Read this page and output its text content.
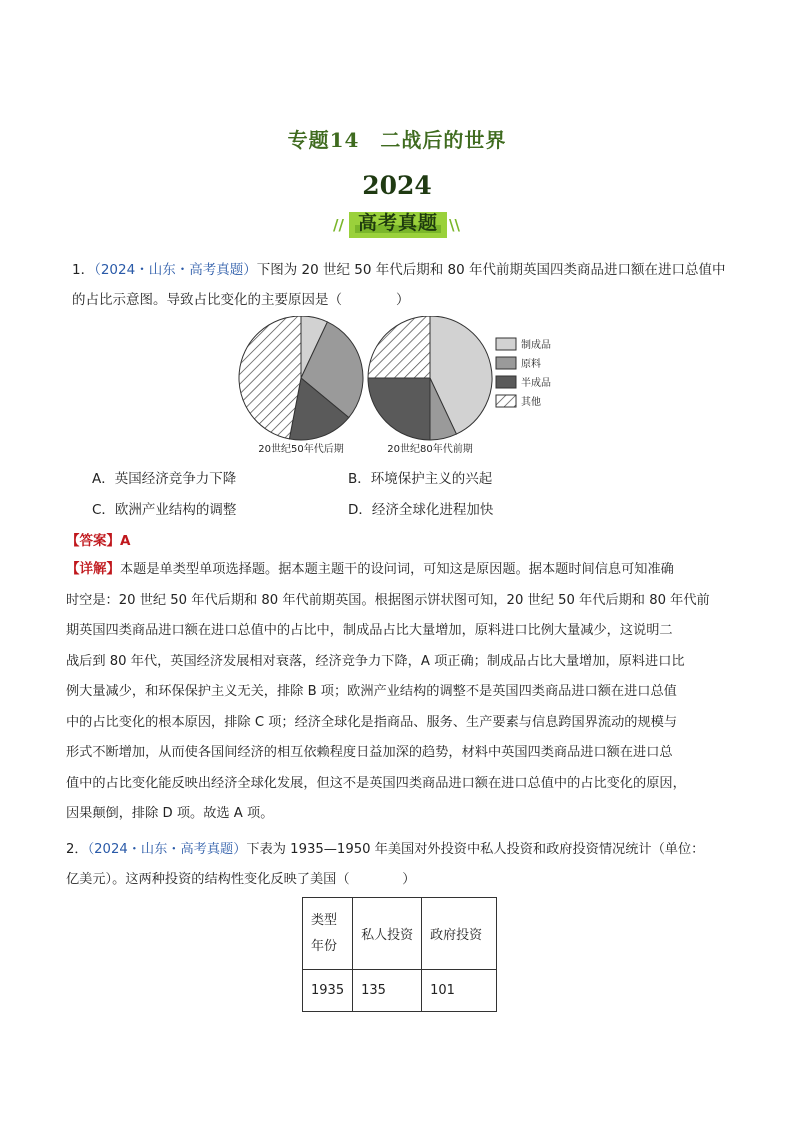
专题14　二战后的世界
2024
// 高考真题 \\
1．（2024・山东・高考真题）下图为 20 世纪 50 年代后期和 80 年代前期英国四类商品进口额在进口总值中
的占比示意图。导致占比变化的主要原因是（　　　　）
制成品
原料
半成品
其他
20世纪50年代后期	20世纪80年代前期
A．英国经济竞争力下降	B．环境保护主义的兴起
C．欧洲产业结构的调整	D．经济全球化进程加快
【答案】A
【详解】本题是单类型单项选择题。据本题主题干的设问词，可知这是原因题。据本题时间信息可知准确
时空是：20 世纪 50 年代后期和 80 年代前期英国。根据图示饼状图可知，20 世纪 50 年代后期和 80 年代前
期英国四类商品进口额在进口总值中的占比中，制成品占比大量增加，原料进口比例大量减少，这说明二
战后到 80 年代，英国经济发展相对衰落，经济竞争力下降，A 项正确；制成品占比大量增加，原料进口比
例大量减少，和环保保护主义无关，排除 B 项；欧洲产业结构的调整不是英国四类商品进口额在进口总值
中的占比变化的根本原因，排除 C 项；经济全球化是指商品、服务、生产要素与信息跨国界流动的规模与
形式不断增加，从而使各国间经济的相互依赖程度日益加深的趋势，材料中英国四类商品进口额在进口总
值中的占比变化能反映出经济全球化发展，但这不是英国四类商品进口额在进口总值中的占比变化的原因，
因果颠倒，排除 D 项。故选 A 项。
2．（2024・山东・高考真题）下表为 1935—1950 年美国对外投资中私人投资和政府投资情况统计（单位：
亿美元）。这两种投资的结构性变化反映了美国（　　　　）
类型
年份	私人投资	政府投资
1935	135	101
